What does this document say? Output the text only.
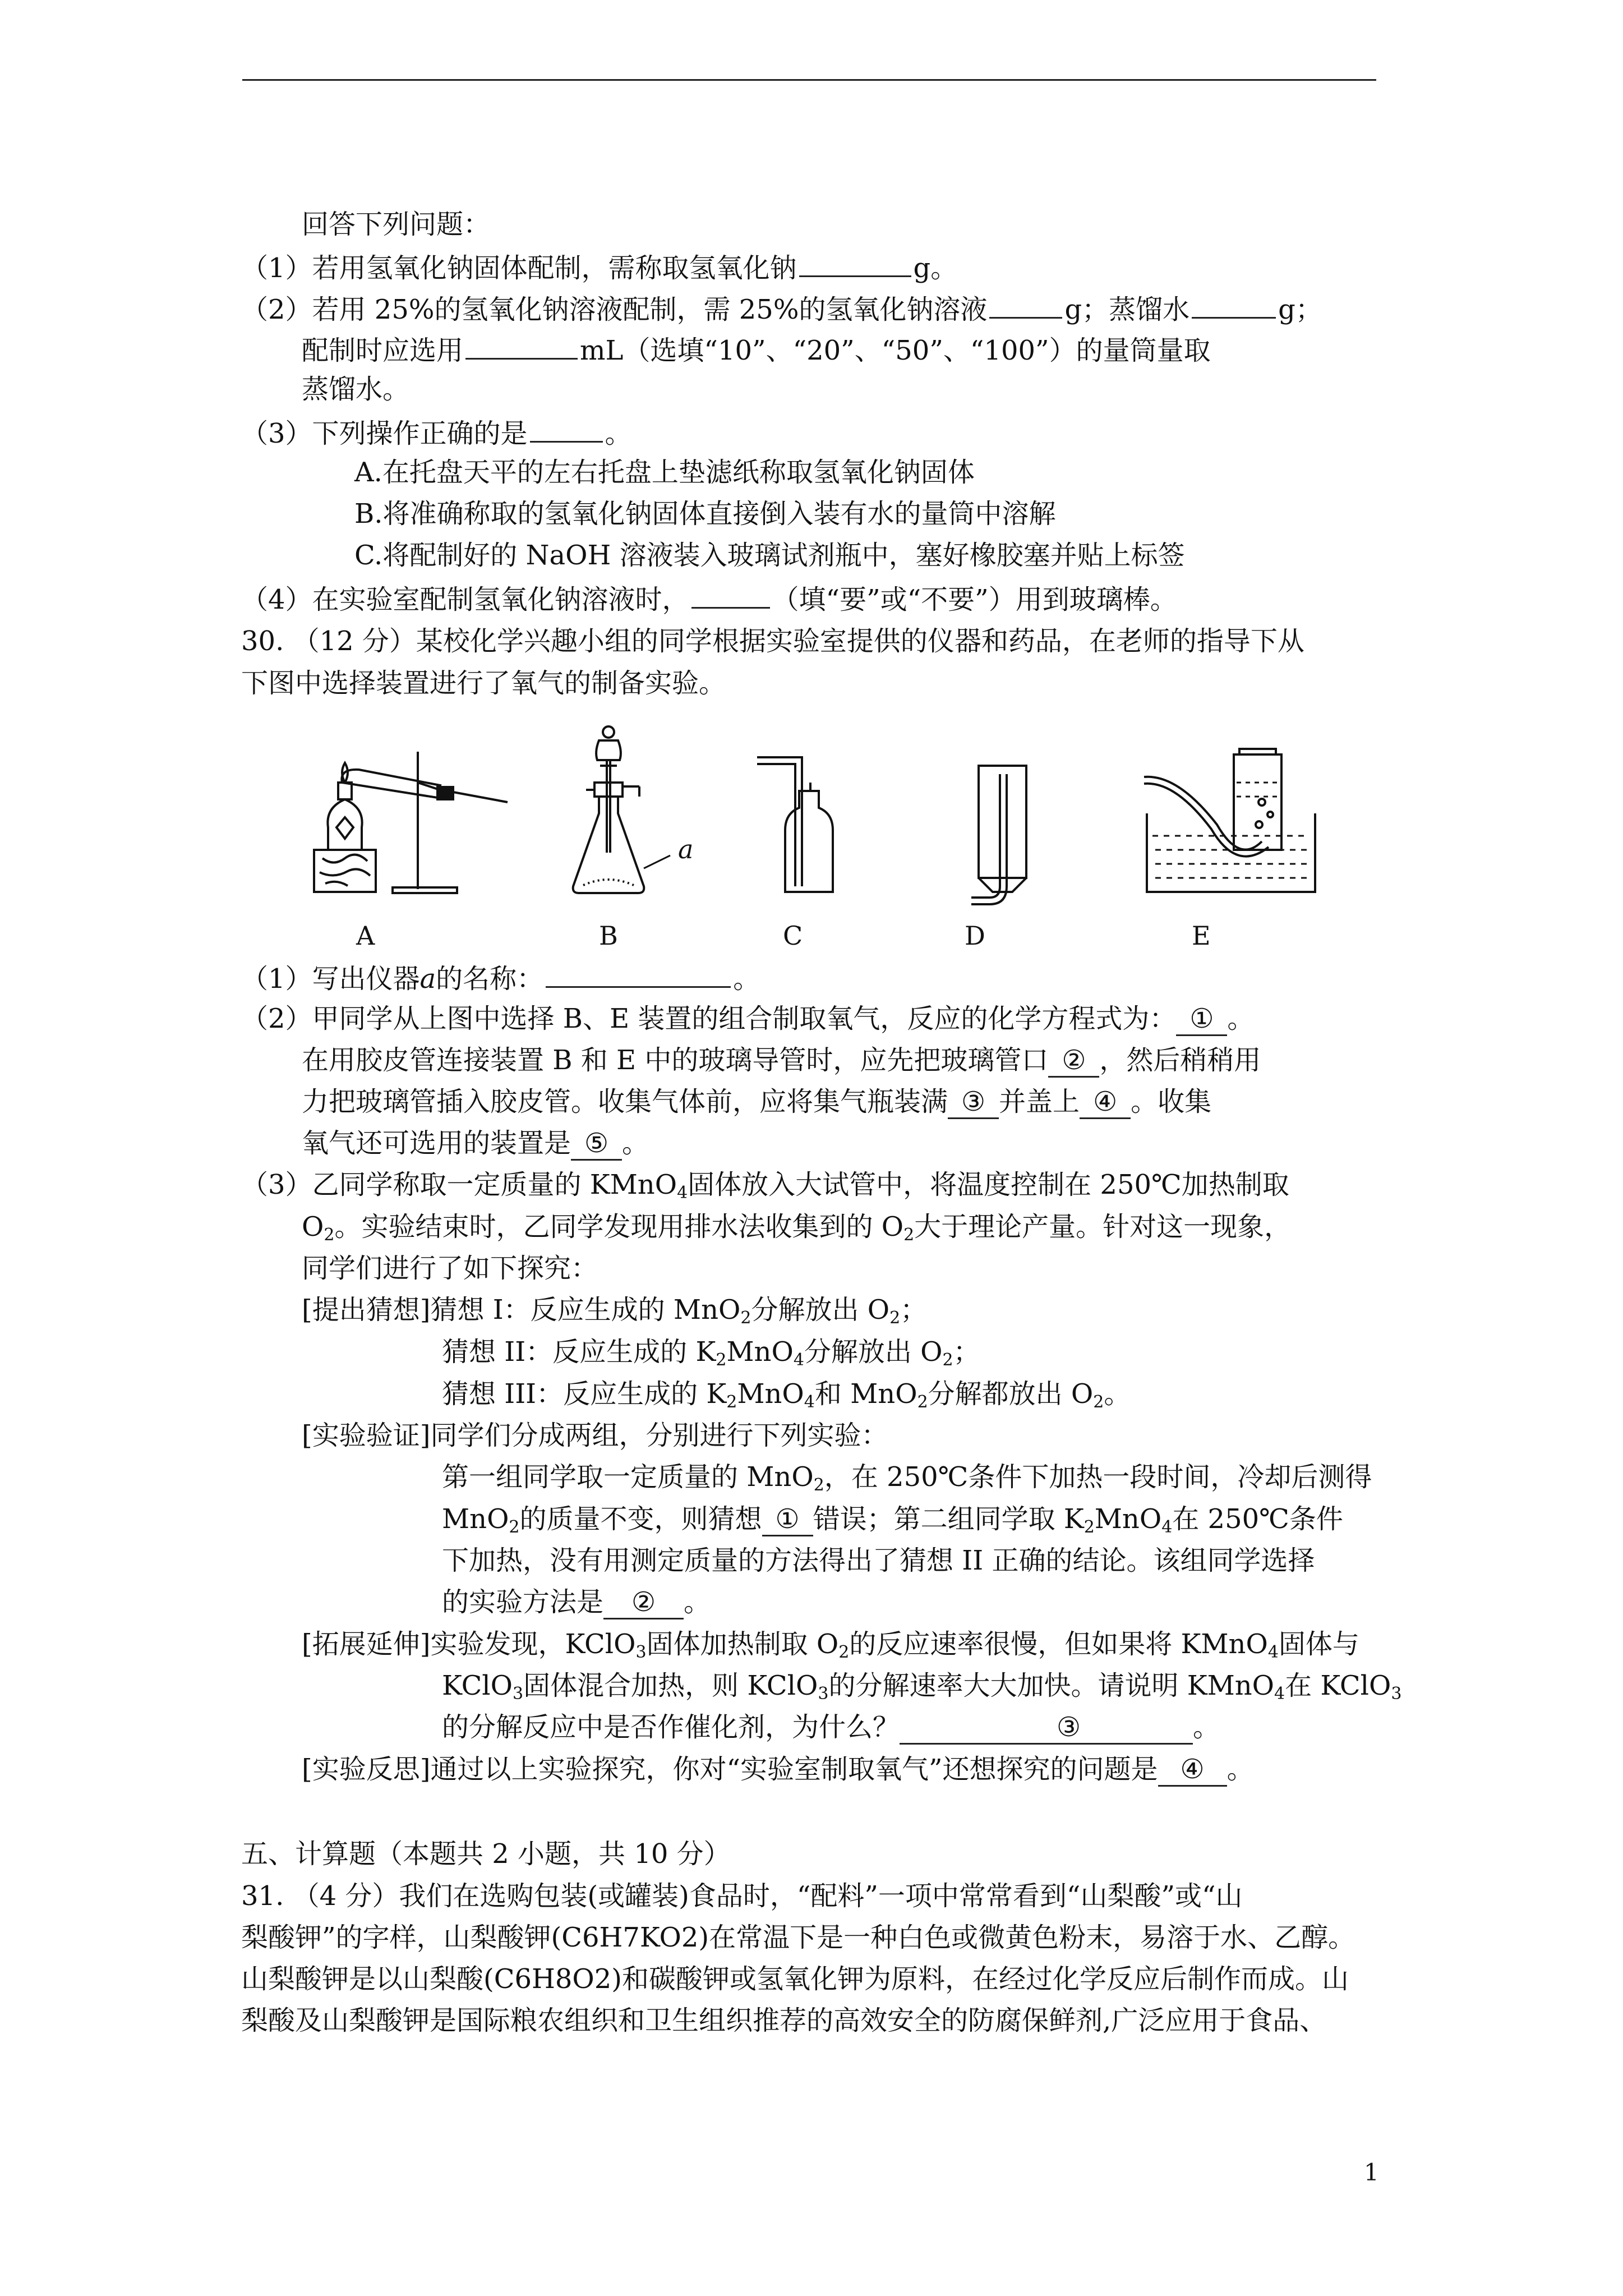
回答下列问题：
（1）若用氢氧化钠固体配制，需称取氢氧化钠	g。
（2）若用 25%的氢氧化钠溶液配制，需 25%的氢氧化钠溶液	g；蒸馏水	g；
配制时应选用	mL（选填“10”、“20”、“50”、“100”）的量筒量取
蒸馏水。
（3）下列操作正确的是	。
A.在托盘天平的左右托盘上垫滤纸称取氢氧化钠固体
B.将准确称取的氢氧化钠固体直接倒入装有水的量筒中溶解
C.将配制好的 NaOH 溶液装入玻璃试剂瓶中，塞好橡胶塞并贴上标签
（4）在实验室配制氢氧化钠溶液时，	（填“要”或“不要”）用到玻璃棒。
30. （12 分）某校化学兴趣小组的同学根据实验室提供的仪器和药品，在老师的指导下从
下图中选择装置进行了氧气的制备实验。
a
A	B	C	D	E
（1）写出仪器a的名称：	。
（2）甲同学从上图中选择 B、E 装置的组合制取氧气，反应的化学方程式为： ① 。
在用胶皮管连接装置 B 和 E 中的玻璃导管时，应先把玻璃管口 ② ，然后稍稍用
力把玻璃管插入胶皮管。收集气体前，应将集气瓶装满 ③ 并盖上 ④ 。收集
氧气还可选用的装置是 ⑤ 。
（3）乙同学称取一定质量的 KMnO$_4$固体放入大试管中，将温度控制在 250℃加热制取
$O_2$。实验结束时，乙同学发现用排水法收集到的 $O_2$大于理论产量。针对这一现象，
同学们进行了如下探究：
[提出猜想]猜想 I：反应生成的 MnO$_2$分解放出 $O_2$；
猜想 II：反应生成的 $K_2MnO_4$分解放出 $O_2$；
猜想 III：反应生成的 $K_2MnO_4$和 MnO$_2$分解都放出 $O_2$。
[实验验证]同学们分成两组，分别进行下列实验：
第一组同学取一定质量的 MnO$_2$，在 250℃条件下加热一段时间，冷却后测得
MnO$_2$的质量不变，则猜想 ① 错误；第二组同学取 $K_2MnO_4$在 250℃条件
下加热，没有用测定质量的方法得出了猜想 II 正确的结论。该组同学选择
的实验方法是 ② 。
[拓展延伸]实验发现，KClO$_3$固体加热制取 $O_2$的反应速率很慢，但如果将 KMnO$_4$固体与
KClO$_3$固体混合加热，则 KClO$_3$的分解速率大大加快。请说明 KMnO$_4$在 KClO$_3$
的分解反应中是否作催化剂，为什么？	③	。
[实验反思]通过以上实验探究，你对“实验室制取氧气”还想探究的问题是 ④ 。
五、计算题（本题共 2 小题，共 10 分）
31. （4 分）我们在选购包装(或罐装)食品时，“配料”一项中常常看到“山梨酸”或“山
梨酸钾”的字样，山梨酸钾(C6H7KO2)在常温下是一种白色或微黄色粉末，易溶于水、乙醇。
山梨酸钾是以山梨酸(C6H8O2)和碳酸钾或氢氧化钾为原料，在经过化学反应后制作而成。山
梨酸及山梨酸钾是国际粮农组织和卫生组织推荐的高效安全的防腐保鲜剂,广泛应用于食品、
1
